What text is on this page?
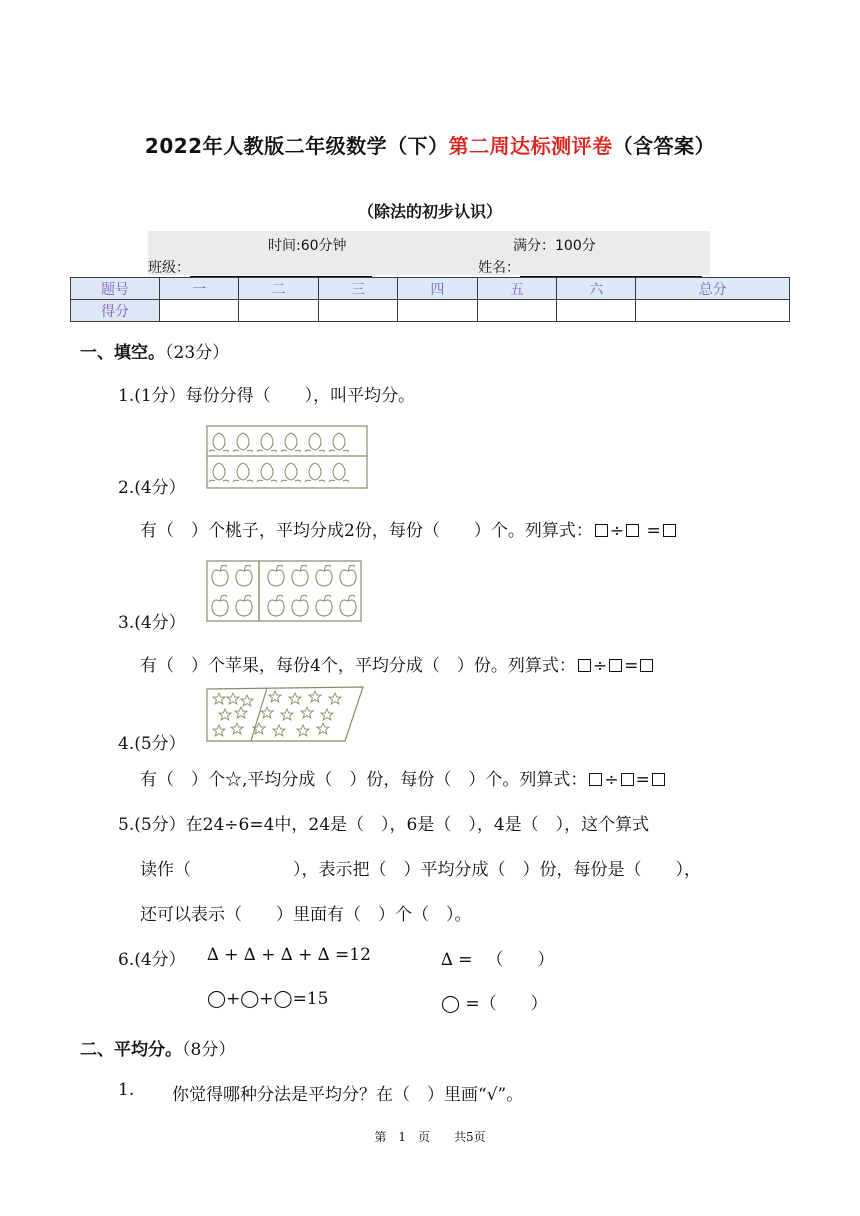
2022年人教版二年级数学（下）第二周达标测评卷（含答案）
（除法的初步认识）
时间:60分钟	满分：100分
班级：	姓名：
题号	一	二	三	四	五	六	总分
得分							
一、填空。（23分）
1.(1分）每份分得（　　），叫平均分。
2.(4分）
有（　）个桃子，平均分成2份，每份（　　）个。列算式： ÷ =
3.(4分）
有（　）个苹果，每份4个，平均分成（　）份。列算式： ÷ =
4.(5分）
有（　）个☆,平均分成（　）份，每份（　）个。列算式： ÷ =
5.(5分）在24÷6=4中，24是（　），6是（　），4是（　），这个算式
读作（　　　　　　），表示把（　）平均分成（　）份，每份是（　　），
还可以表示（　　）里面有（　）个（　）。
6.(4分） ∆ + ∆ + ∆ + ∆ =12	∆ = 　（　　）
◯+◯+◯=15	◯ =（　　）
二、平均分。（8分）
1. 你觉得哪种分法是平均分？在（　）里画“√”。
第　1　页　　共5页
